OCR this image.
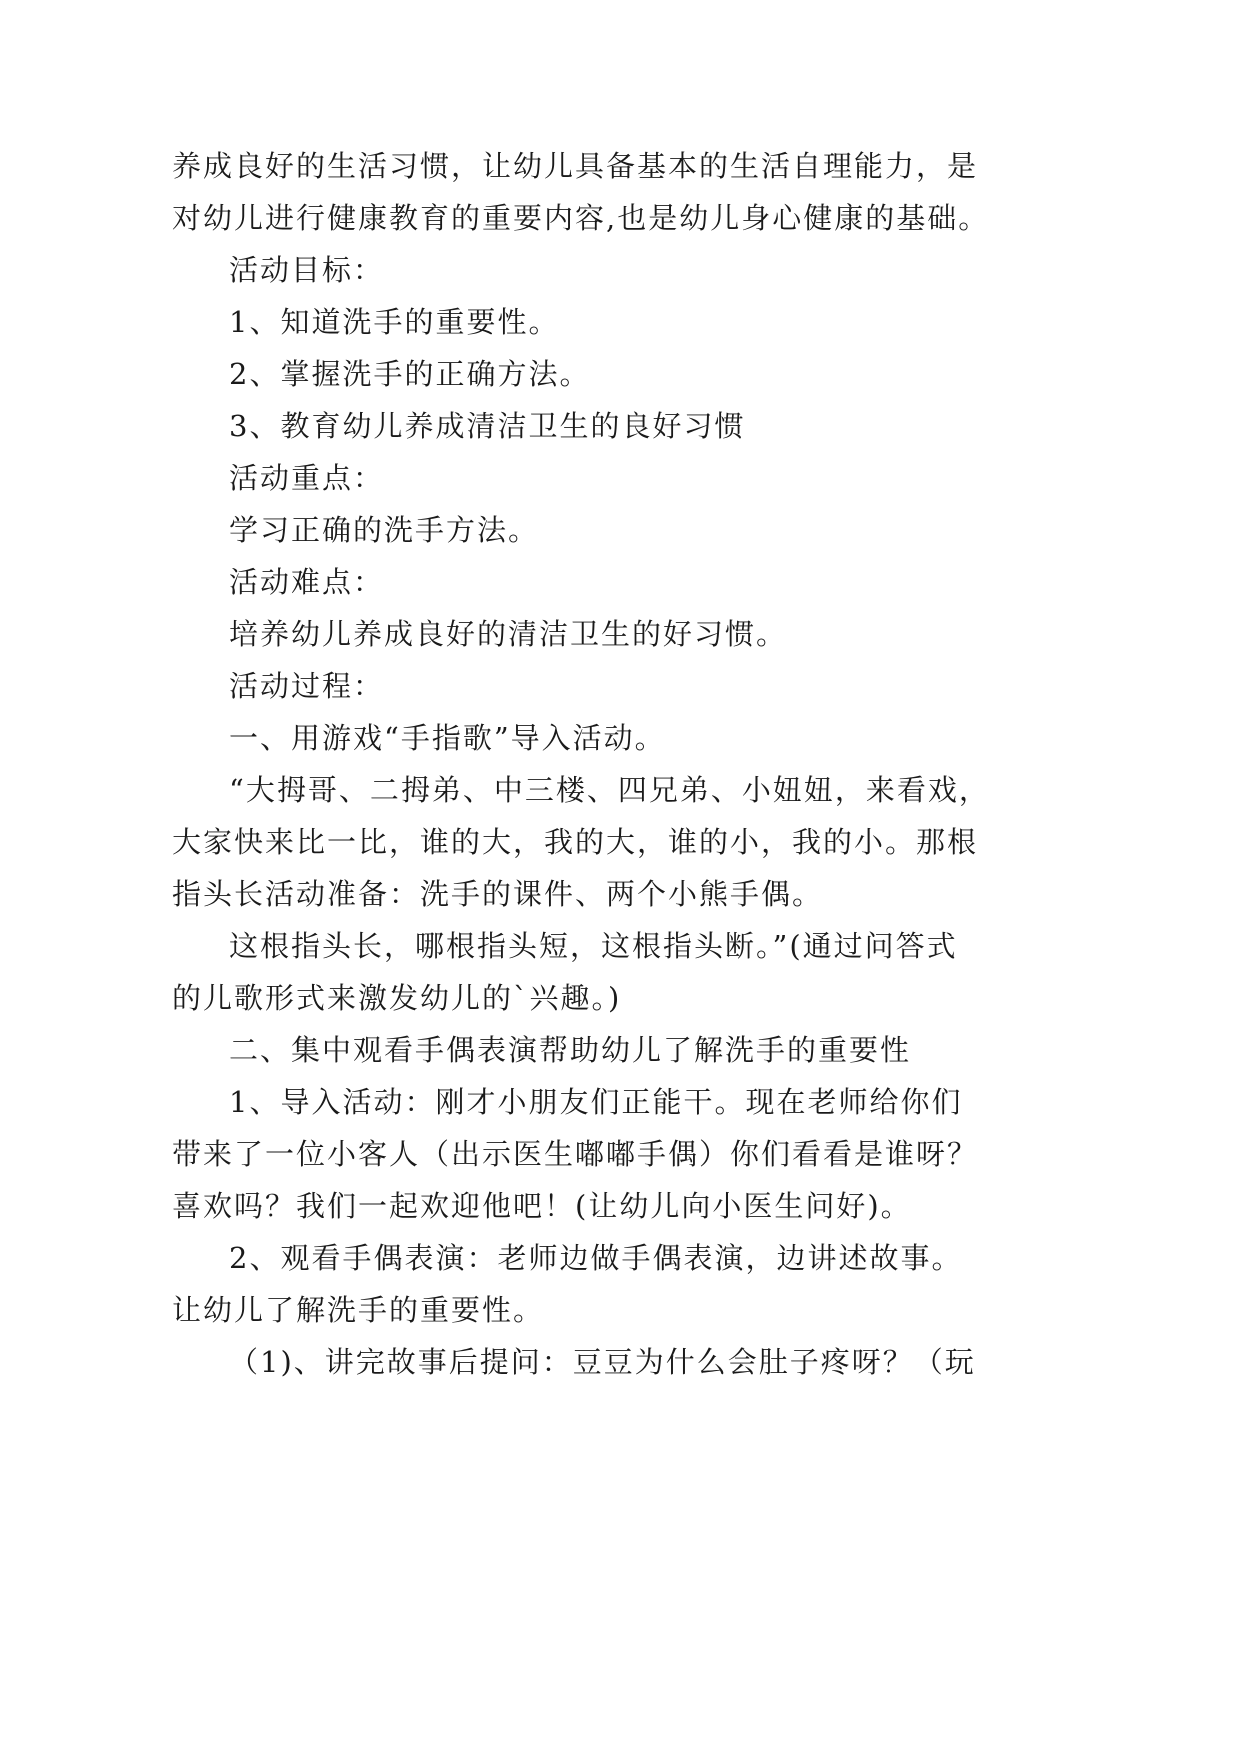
养成良好的生活习惯，让幼儿具备基本的生活自理能力，是
对幼儿进行健康教育的重要内容,也是幼儿身心健康的基础。
活动目标：
1、知道洗手的重要性。
2、掌握洗手的正确方法。
3、教育幼儿养成清洁卫生的良好习惯
活动重点：
学习正确的洗手方法。
活动难点：
培养幼儿养成良好的清洁卫生的好习惯。
活动过程：
一、用游戏“手指歌”导入活动。
“大拇哥、二拇弟、中三楼、四兄弟、小妞妞，来看戏，
大家快来比一比，谁的大，我的大，谁的小，我的小。那根
指头长活动准备：洗手的课件、两个小熊手偶。
这根指头长，哪根指头短，这根指头断。”(通过问答式
的儿歌形式来激发幼儿的`兴趣。)
二、集中观看手偶表演帮助幼儿了解洗手的重要性
1、导入活动：刚才小朋友们正能干。现在老师给你们
带来了一位小客人（出示医生嘟嘟手偶）你们看看是谁呀？
喜欢吗？我们一起欢迎他吧！(让幼儿向小医生问好)。
2、观看手偶表演：老师边做手偶表演，边讲述故事。
让幼儿了解洗手的重要性。
（1)、讲完故事后提问：豆豆为什么会肚子疼呀？（玩
